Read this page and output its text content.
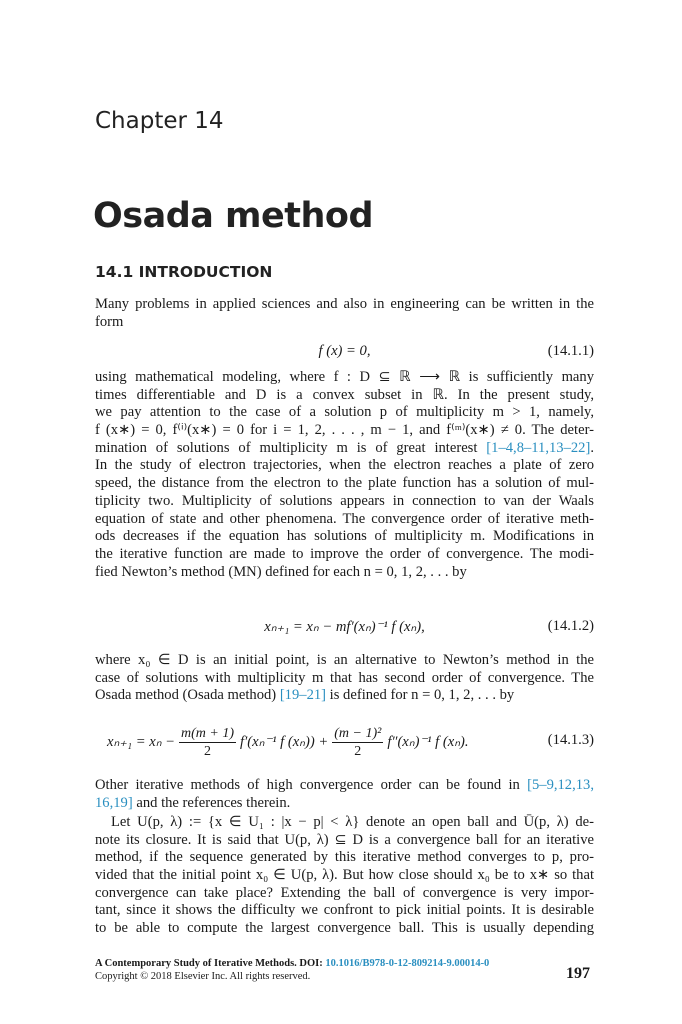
Chapter 14
Osada method
14.1 INTRODUCTION
Many problems in applied sciences and also in engineering can be written in the
form
f (x) = 0,	(14.1.1)
using mathematical modeling, where f : D ⊆ ℝ ⟶ ℝ is sufficiently many
times differentiable and D is a convex subset in ℝ. In the present study,
we pay attention to the case of a solution p of multiplicity m > 1, namely,
f (x∗) = 0, f⁽ⁱ⁾(x∗) = 0 for i = 1, 2, . . . , m − 1, and f⁽ᵐ⁾(x∗) ≠ 0. The deter-
mination of solutions of multiplicity m is of great interest [1–4,8–11,13–22].
In the study of electron trajectories, when the electron reaches a plate of zero
speed, the distance from the electron to the plate function has a solution of mul-
tiplicity two. Multiplicity of solutions appears in connection to van der Waals
equation of state and other phenomena. The convergence order of iterative meth-
ods decreases if the equation has solutions of multiplicity m. Modifications in
the iterative function are made to improve the order of convergence. The modi-
fied Newton’s method (MN) defined for each n = 0, 1, 2, . . . by
xₙ₊₁ = xₙ − mf′(xₙ)⁻¹ f (xₙ),	(14.1.2)
where x₀ ∈ D is an initial point, is an alternative to Newton’s method in the
case of solutions with multiplicity m that has second order of convergence. The
Osada method (Osada method) [19–21] is defined for n = 0, 1, 2, . . . by
$x_{n+1} = x_n - \frac{m(m + 1)}{2} f'(x_n^{-1}$ f $(x_n)) + \frac{\text{(m − 1)²}}{2} f''(x_n)^{-1}$ f (xₙ).	(14.1.3)
Other iterative methods of high convergence order can be found in [5–9,12,13,
16,19] and the references therein.
Let U(p, λ) := {x ∈ U₁ : |x − p| < λ} denote an open ball and Ū(p, λ) de-
note its closure. It is said that U(p, λ) ⊆ D is a convergence ball for an iterative
method, if the sequence generated by this iterative method converges to p, pro-
vided that the initial point x₀ ∈ U(p, λ). But how close should x₀ be to x∗ so that
convergence can take place? Extending the ball of convergence is very impor-
tant, since it shows the difficulty we confront to pick initial points. It is desirable
to be able to compute the largest convergence ball. This is usually depending
A Contemporary Study of Iterative Methods. DOI: 10.1016/B978-0-12-809214-9.00014-0
Copyright © 2018 Elsevier Inc. All rights reserved.	197
